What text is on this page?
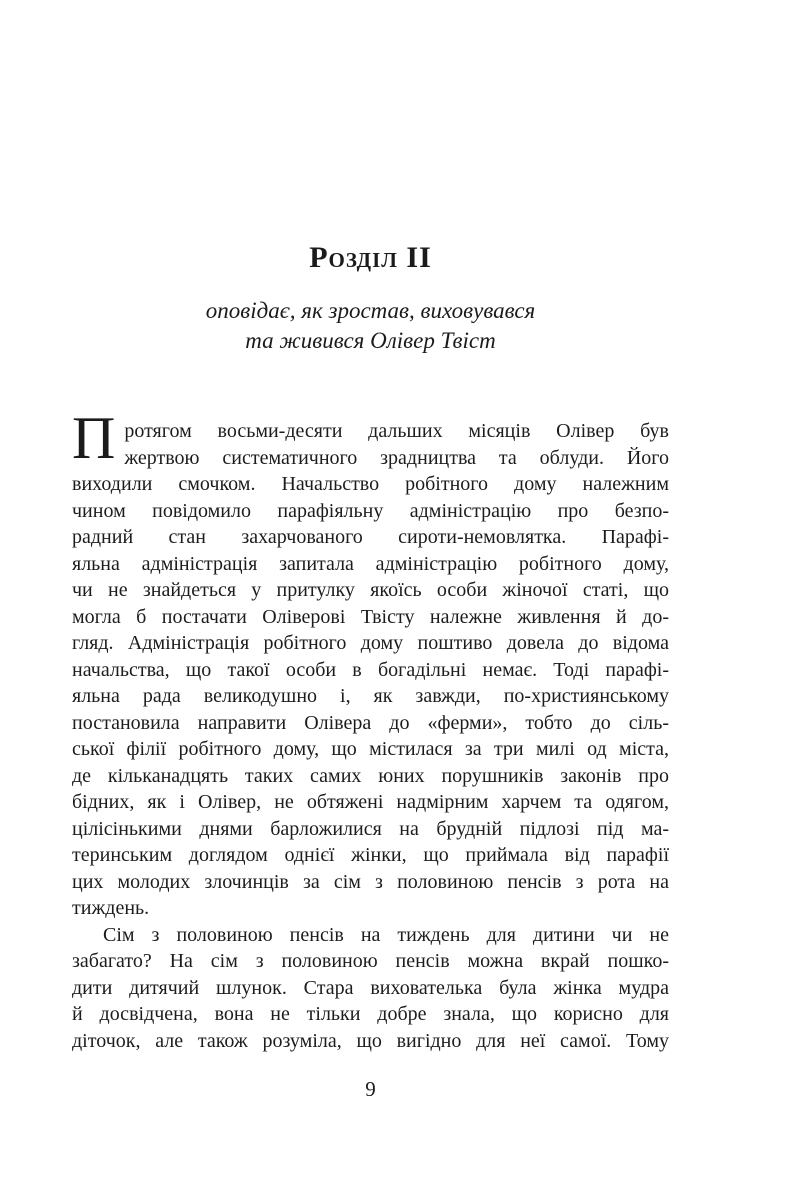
Розділ II
оповідає, як зростав, виховувався
та живився Олівер Твіст
П ротягом восьми-десяти дальших місяців Олівер був
жертвою систематичного зрадництва та облуди. Його
виходили смочком. Начальство робітного дому належним
чином повідомило парафіяльну адміністрацію про безпо-
радний стан захарчованого сироти-немовлятка. Парафі-
яльна адміністрація запитала адміністрацію робітного дому,
чи не знайдеться у притулку якоїсь особи жіночої статі, що
могла б постачати Оліверові Твісту належне живлення й до-
гляд. Адміністрація робітного дому поштиво довела до відома
начальства, що такої особи в богадільні немає. Тоді парафі-
яльна рада великодушно і, як завжди, по-християнському
постановила направити Олівера до «ферми», тобто до сіль-
ської філії робітного дому, що містилася за три милі од міста,
де кільканадцять таких самих юних порушників законів про
бідних, як і Олівер, не обтяжені надмірним харчем та одягом,
цілісінькими днями барложилися на брудній підлозі під ма-
теринським доглядом однієї жінки, що приймала від парафії
цих молодих злочинців за сім з половиною пенсів з рота на
тиждень.
Сім з половиною пенсів на тиждень для дитини чи не
забагато? На сім з половиною пенсів можна вкрай пошко-
дити дитячий шлунок. Стара вихователька була жінка мудра
й досвідчена, вона не тільки добре знала, що корисно для
діточок, але також розуміла, що вигідно для неї самої. Тому
9
